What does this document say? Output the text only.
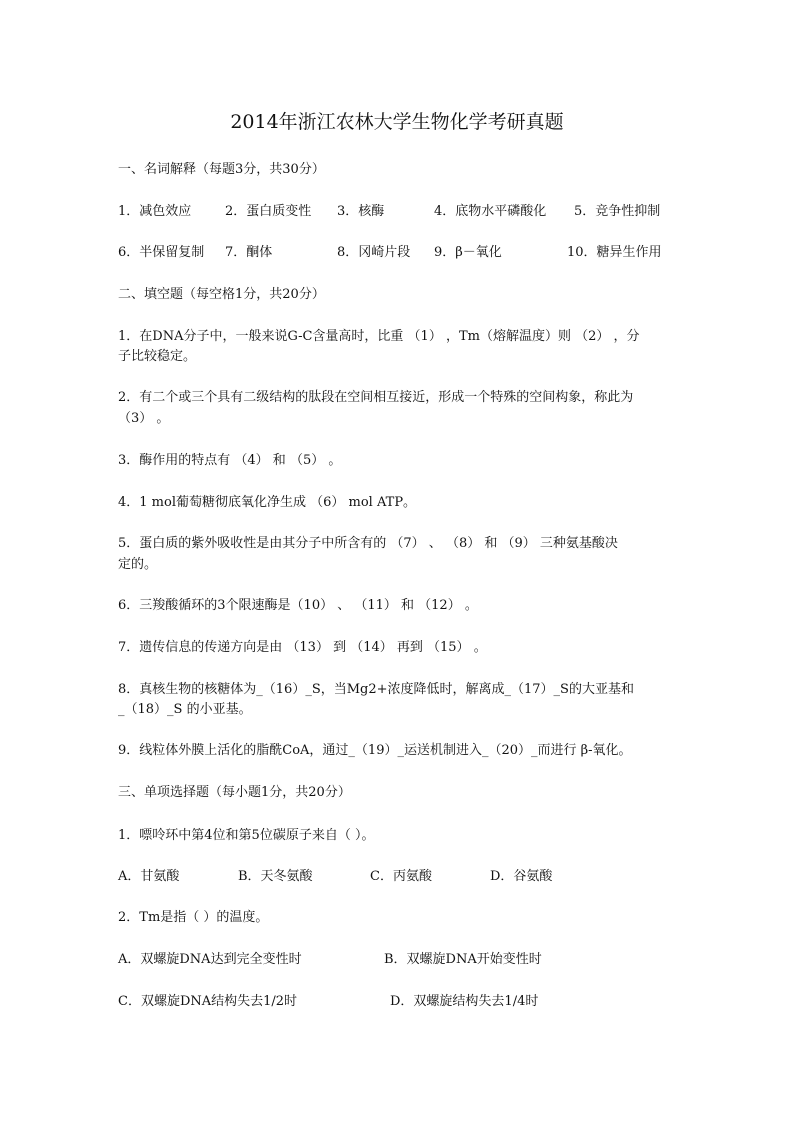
2014年浙江农林大学生物化学考研真题
一、名词解释（每题3分，共30分）
1．减色效应	2．蛋白质变性 3．核酶	4．底物水平磷酸化 5．竞争性抑制
6．半保留复制 7．酮体	8．冈崎片段 9．β－氧化	10．糖异生作用
二、填空题（每空格1分，共20分）
1．在DNA分子中，一般来说G-C含量高时，比重 （1） ，Tm（熔解温度）则 （2） ，分
子比较稳定。
2．有二个或三个具有二级结构的肽段在空间相互接近，形成一个特殊的空间构象，称此为
（3） 。
3．酶作用的特点有 （4） 和 （5） 。
4．1 mol葡萄糖彻底氧化净生成 （6） mol ATP。
5．蛋白质的紫外吸收性是由其分子中所含有的 （7） 、 （8） 和 （9） 三种氨基酸决
定的。
6．三羧酸循环的3个限速酶是（10） 、 （11） 和 （12） 。
7．遗传信息的传递方向是由 （13） 到 （14） 再到 （15） 。
8．真核生物的核糖体为_（16）_S，当Mg2+浓度降低时，解离成_（17）_S的大亚基和
_（18）_S 的小亚基。
9．线粒体外膜上活化的脂酰CoA，通过_（19）_运送机制进入_（20）_而进行 β-氧化。
三、单项选择题（每小题1分，共20分）
1．嘌呤环中第4位和第5位碳原子来自（ ）。
A．甘氨酸	B．天冬氨酸	C．丙氨酸	D．谷氨酸
2．Tm是指（ ）的温度。
A．双螺旋DNA达到完全变性时	B．双螺旋DNA开始变性时
C．双螺旋DNA结构失去1/2时	D．双螺旋结构失去1/4时
